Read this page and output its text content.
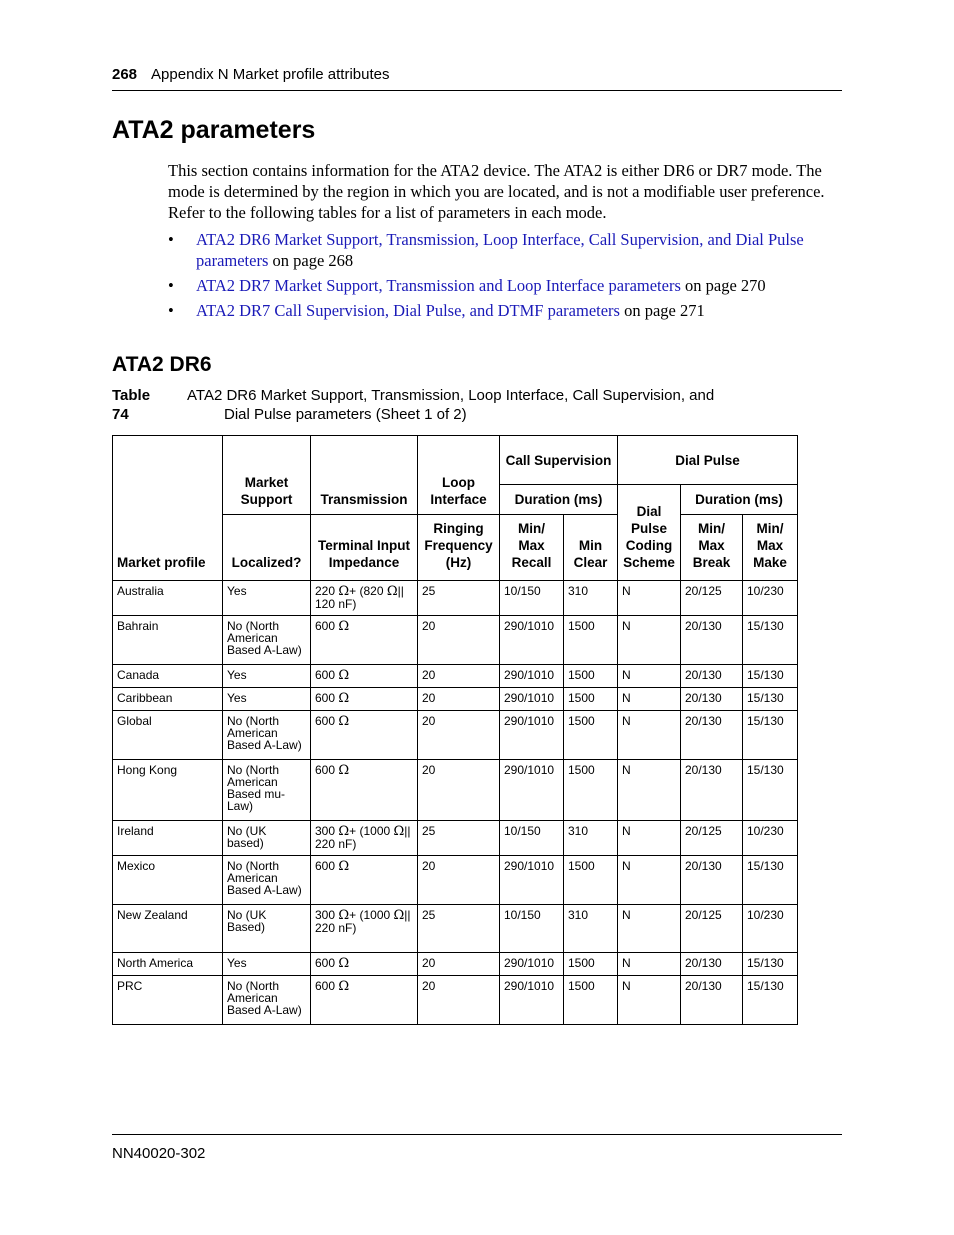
268 Appendix N Market profile attributes
ATA2 parameters

This section contains information for the ATA2 device. The ATA2 is either DR6 or DR7 mode. The mode is determined by the region in which you are located, and is not a modifiable user preference. Refer to the following tables for a list of parameters in each mode.

• ATA2 DR6 Market Support, Transmission, Loop Interface, Call Supervision, and Dial Pulse parameters on page 268
• ATA2 DR7 Market Support, Transmission and Loop Interface parameters on page 270
• ATA2 DR7 Call Supervision, Dial Pulse, and DTMF parameters on page 271
ATA2 DR6
Table 74
ATA2 DR6 Market Support, Transmission, Loop Interface, Call Supervision, and
Dial Pulse parameters (Sheet 1 of 2)
Market profile	Market Support	Transmission	Loop Interface	Call Supervision		Dial Pulse		
				Duration (ms)		Dial Pulse Coding Scheme	Duration (ms)	
	Localized?	Terminal Input Impedance	Ringing Frequency (Hz)	Min/ Max Recall	Min Clear		Min/ Max Break	Min/ Max Make
Australia	Yes	220 Ω+ (820 Ω|| 120 nF)	25	10/150	310	N	20/125	10/230
Bahrain	No (North American Based A-Law)	600 Ω	20	290/1010	1500	N	20/130	15/130
Canada	Yes	600 Ω	20	290/1010	1500	N	20/130	15/130
Caribbean	Yes	600 Ω	20	290/1010	1500	N	20/130	15/130
Global	No (North American Based A-Law)	600 Ω	20	290/1010	1500	N	20/130	15/130
Hong Kong	No (North American Based mu-Law)	600 Ω	20	290/1010	1500	N	20/130	15/130
Ireland	No (UK based)	300 Ω+ (1000 Ω|| 220 nF)	25	10/150	310	N	20/125	10/230
Mexico	No (North American Based A-Law)	600 Ω	20	290/1010	1500	N	20/130	15/130
New Zealand	No (UK Based)	300 Ω+ (1000 Ω|| 220 nF)	25	10/150	310	N	20/125	10/230
North America	Yes	600 Ω	20	290/1010	1500	N	20/130	15/130
PRC	No (North American Based A-Law)	600 Ω	20	290/1010	1500	N	20/130	15/130
NN40020-302
